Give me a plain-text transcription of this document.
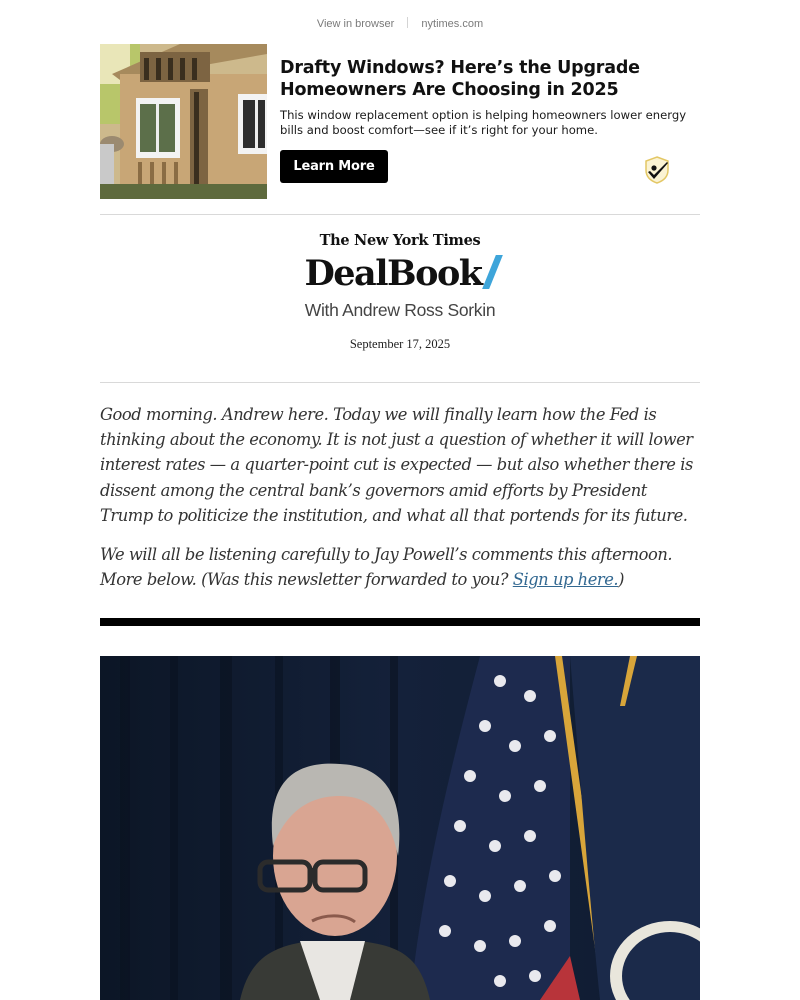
View in browser nytimes.com
Drafty Windows? Here’s the Upgrade Homeowners Are Choosing in 2025
This window replacement option is helping homeowners lower energy bills and boost comfort—see if it’s right for your home.
Learn More
The New York Times
DealBook
With Andrew Ross Sorkin
September 17, 2025

Good morning. Andrew here. Today we will finally learn how the Fed is thinking about the economy. It is not just a question of whether it will lower interest rates — a quarter-point cut is expected — but also whether there is dissent among the central bank’s governors amid efforts by President Trump to politicize the institution, and what all that portends for its future.

We will all be listening carefully to Jay Powell’s comments this afternoon. More below. (Was this newsletter forwarded to you? Sign up here.)
